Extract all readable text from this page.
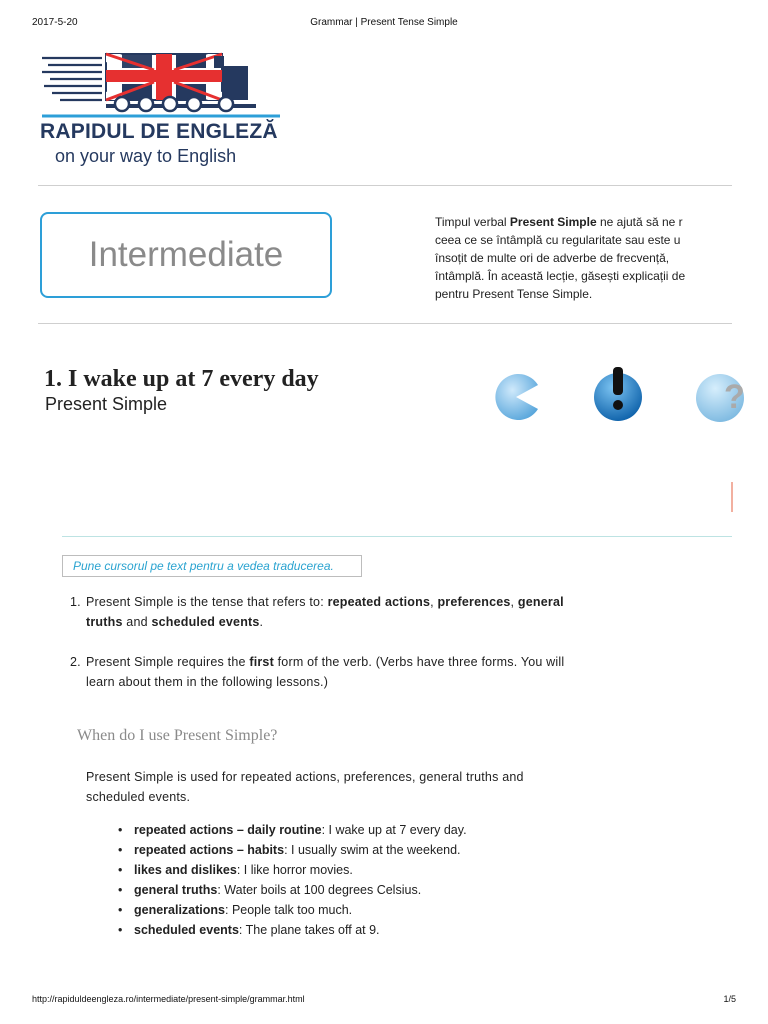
2017-5-20	Grammar | Present Tense Simple
RAPIDUL DE ENGLEZĂ
on your way to English
Intermediate
Timpul verbal Present Simple ne ajută să ne r
ceea ce se întâmplă cu regularitate sau este u
însoțit de multe ori de adverbe de frecvență,
întâmplă. În această lecție, găsești explicații de
pentru Present Tense Simple.
1. I wake up at 7 every day
Present Simple	?
Pune cursorul pe text pentru a vedea traducerea.
1. Present Simple is the tense that refers to: repeated actions, preferences, general truths and scheduled events.
2. Present Simple requires the first form of the verb. (Verbs have three forms. You will learn about them in the following lessons.)
When do I use Present Simple?
Present Simple is used for repeated actions, preferences, general truths and scheduled events.
• repeated actions – daily routine: I wake up at 7 every day.
• repeated actions – habits: I usually swim at the weekend.
• likes and dislikes: I like horror movies.
• general truths: Water boils at 100 degrees Celsius.
• generalizations: People talk too much.
• scheduled events: The plane takes off at 9.
http://rapiduldeengleza.ro/intermediate/present-simple/grammar.html	1/5
